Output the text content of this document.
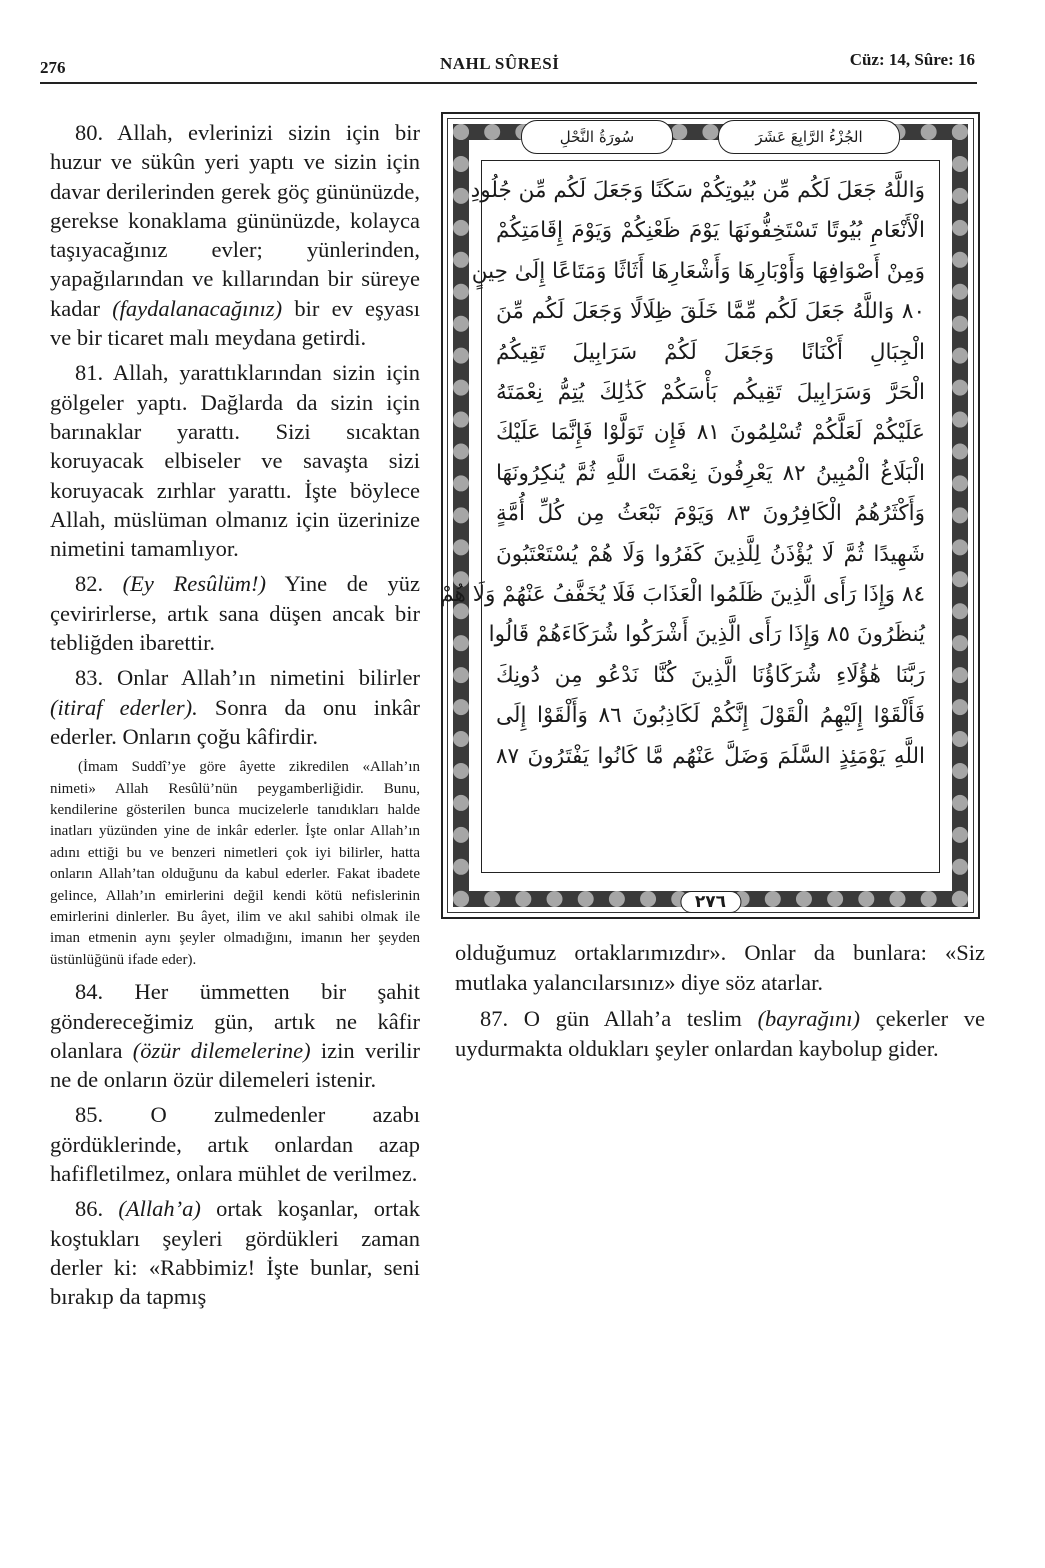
276	NAHL SÛRESİ	Cüz: 14, Sûre: 16

80. Allah, evlerinizi sizin için bir huzur ve sükûn yeri yaptı ve sizin için davar derilerinden gerek göç gününüzde, gerekse konaklama gününüzde, kolayca taşıyacağınız evler; yünlerinden, yapağılarından ve kıllarından bir süreye kadar (faydalanacağınız) bir ev eşyası ve bir ticaret malı meydana getirdi.

81. Allah, yarattıklarından sizin için gölgeler yaptı. Dağlarda da sizin için barınaklar yarattı. Sizi sıcaktan koruyacak elbiseler ve savaşta sizi koruyacak zırhlar yarattı. İşte böylece Allah, müslüman olmanız için üzerinize nimetini tamamlıyor.

82. (Ey Resûlüm!) Yine de yüz çevirirlerse, artık sana düşen ancak bir tebliğden ibarettir.

83. Onlar Allah’ın nimetini bilirler (itiraf ederler). Sonra da onu inkâr ederler. Onların çoğu kâfirdir.

(İmam Suddî’ye göre âyette zikredilen «Allah’ın nimeti» Allah Resûlü’nün peygamberliğidir. Bunu, kendilerine gösterilen bunca mucizelerle tanıdıkları halde inatları yüzünden yine de inkâr ederler. İşte onlar Allah’ın adını ettiği bu ve benzeri nimetleri çok iyi bilirler, hatta onların Allah’tan olduğunu da kabul ederler. Fakat ibadete gelince, Allah’ın emirlerini değil kendi kötü nefislerinin emirlerini dinlerler. Bu âyet, ilim ve akıl sahibi olmak ile iman etmenin aynı şeyler olmadığını, imanın her şeyden üstünlüğünü ifade eder).

84. Her ümmetten bir şahit göndereceğimiz gün, artık ne kâfir olanlara (özür dilemelerine) izin verilir ne de onların özür dilemeleri istenir.

85. O zulmedenler azabı gördüklerinde, artık onlardan azap hafifletilmez, onlara mühlet de verilmez.

86. (Allah’a) ortak koşanlar, ortak koştukları şeyleri gördükleri zaman derler ki: «Rabbimiz! İşte bunlar, seni bırakıp da tapmış

سُورَةُ النَّحْلِ	الجُزْءُ الرَّابِعَ عَشَرَ
وَاللَّهُ جَعَلَ لَكُم مِّن بُيُوتِكُمْ سَكَنًا وَجَعَلَ لَكُم مِّن جُلُودِ
الْأَنْعَامِ بُيُوتًا تَسْتَخِفُّونَهَا يَوْمَ ظَعْنِكُمْ وَيَوْمَ إِقَامَتِكُمْ
وَمِنْ أَصْوَافِهَا وَأَوْبَارِهَا وَأَشْعَارِهَا أَثَاثًا وَمَتَاعًا إِلَىٰ حِينٍ
٨٠ وَاللَّهُ جَعَلَ لَكُم مِّمَّا خَلَقَ ظِلَالًا وَجَعَلَ لَكُم مِّنَ
الْجِبَالِ أَكْنَانًا وَجَعَلَ لَكُمْ سَرَابِيلَ تَقِيكُمُ
الْحَرَّ وَسَرَابِيلَ تَقِيكُم بَأْسَكُمْ كَذَٰلِكَ يُتِمُّ نِعْمَتَهُ
عَلَيْكُمْ لَعَلَّكُمْ تُسْلِمُونَ ٨١ فَإِن تَوَلَّوْا فَإِنَّمَا عَلَيْكَ
الْبَلَاغُ الْمُبِينُ ٨٢ يَعْرِفُونَ نِعْمَتَ اللَّهِ ثُمَّ يُنكِرُونَهَا
وَأَكْثَرُهُمُ الْكَافِرُونَ ٨٣ وَيَوْمَ نَبْعَثُ مِن كُلِّ أُمَّةٍ
شَهِيدًا ثُمَّ لَا يُؤْذَنُ لِلَّذِينَ كَفَرُوا وَلَا هُمْ يُسْتَعْتَبُونَ
٨٤ وَإِذَا رَأَى الَّذِينَ ظَلَمُوا الْعَذَابَ فَلَا يُخَفَّفُ عَنْهُمْ وَلَا هُمْ
يُنظَرُونَ ٨٥ وَإِذَا رَأَى الَّذِينَ أَشْرَكُوا شُرَكَاءَهُمْ قَالُوا
رَبَّنَا هَٰؤُلَاءِ شُرَكَاؤُنَا الَّذِينَ كُنَّا نَدْعُو مِن دُونِكَ
فَأَلْقَوْا إِلَيْهِمُ الْقَوْلَ إِنَّكُمْ لَكَاذِبُونَ ٨٦ وَأَلْقَوْا إِلَى
اللَّهِ يَوْمَئِذٍ السَّلَمَ وَضَلَّ عَنْهُم مَّا كَانُوا يَفْتَرُونَ ٨٧
٢٧٦

olduğumuz ortaklarımızdır». Onlar da bunlara: «Siz mutlaka yalancılarsınız» diye söz atarlar.

87. O gün Allah’a teslim (bayrağını) çekerler ve uydurmakta oldukları şeyler onlardan kaybolup gider.
